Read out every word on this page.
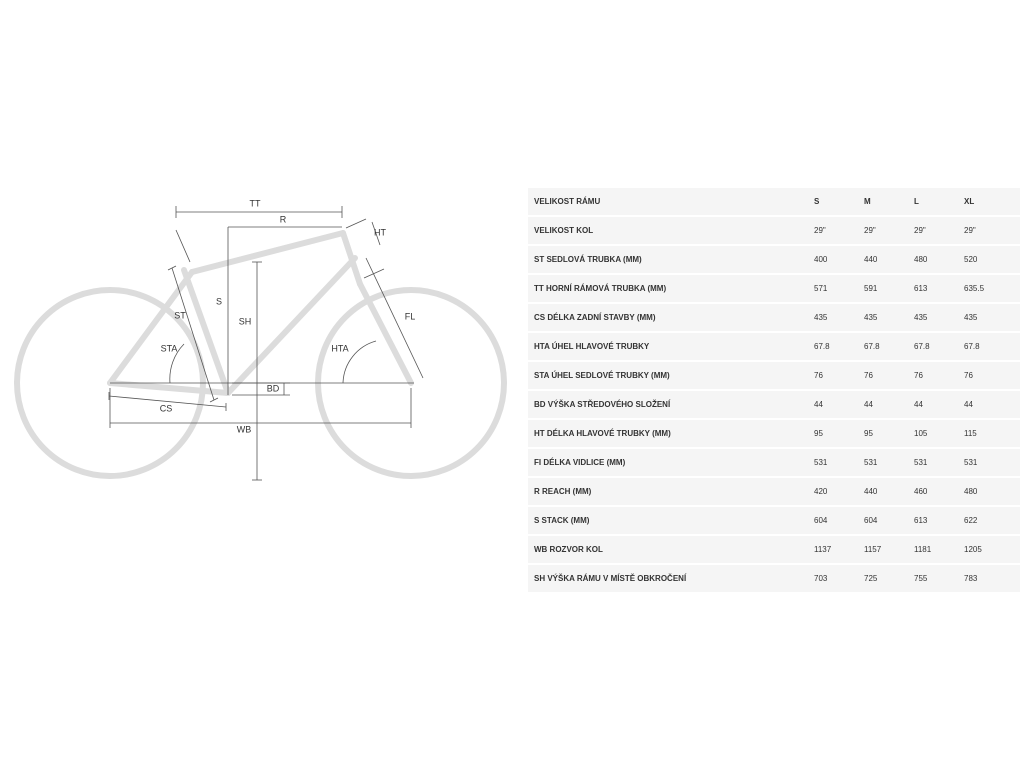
TT
R
HT
ST
S
SH	FL
STA	HTA
BD
CS
WB
VELIKOST RÁMU	S	M	L	XL
VELIKOST KOL	29"	29"	29"	29"
ST SEDLOVÁ TRUBKA (MM)	400	440	480	520
TT HORNÍ RÁMOVÁ TRUBKA (MM)	571	591	613	635.5
CS DÉLKA ZADNÍ STAVBY (MM)	435	435	435	435
HTA ÚHEL HLAVOVÉ TRUBKY	67.8	67.8	67.8	67.8
STA ÚHEL SEDLOVÉ TRUBKY (MM)	76	76	76	76
BD VÝŠKA STŘEDOVÉHO SLOŽENÍ	44	44	44	44
HT DÉLKA HLAVOVÉ TRUBKY (MM)	95	95	105	115
FI DÉLKA VIDLICE (MM)	531	531	531	531
R REACH (MM)	420	440	460	480
S STACK (MM)	604	604	613	622
WB ROZVOR KOL	1137	1157	1181	1205
SH VÝŠKA RÁMU V MÍSTĚ OBKROČENÍ	703	725	755	783
